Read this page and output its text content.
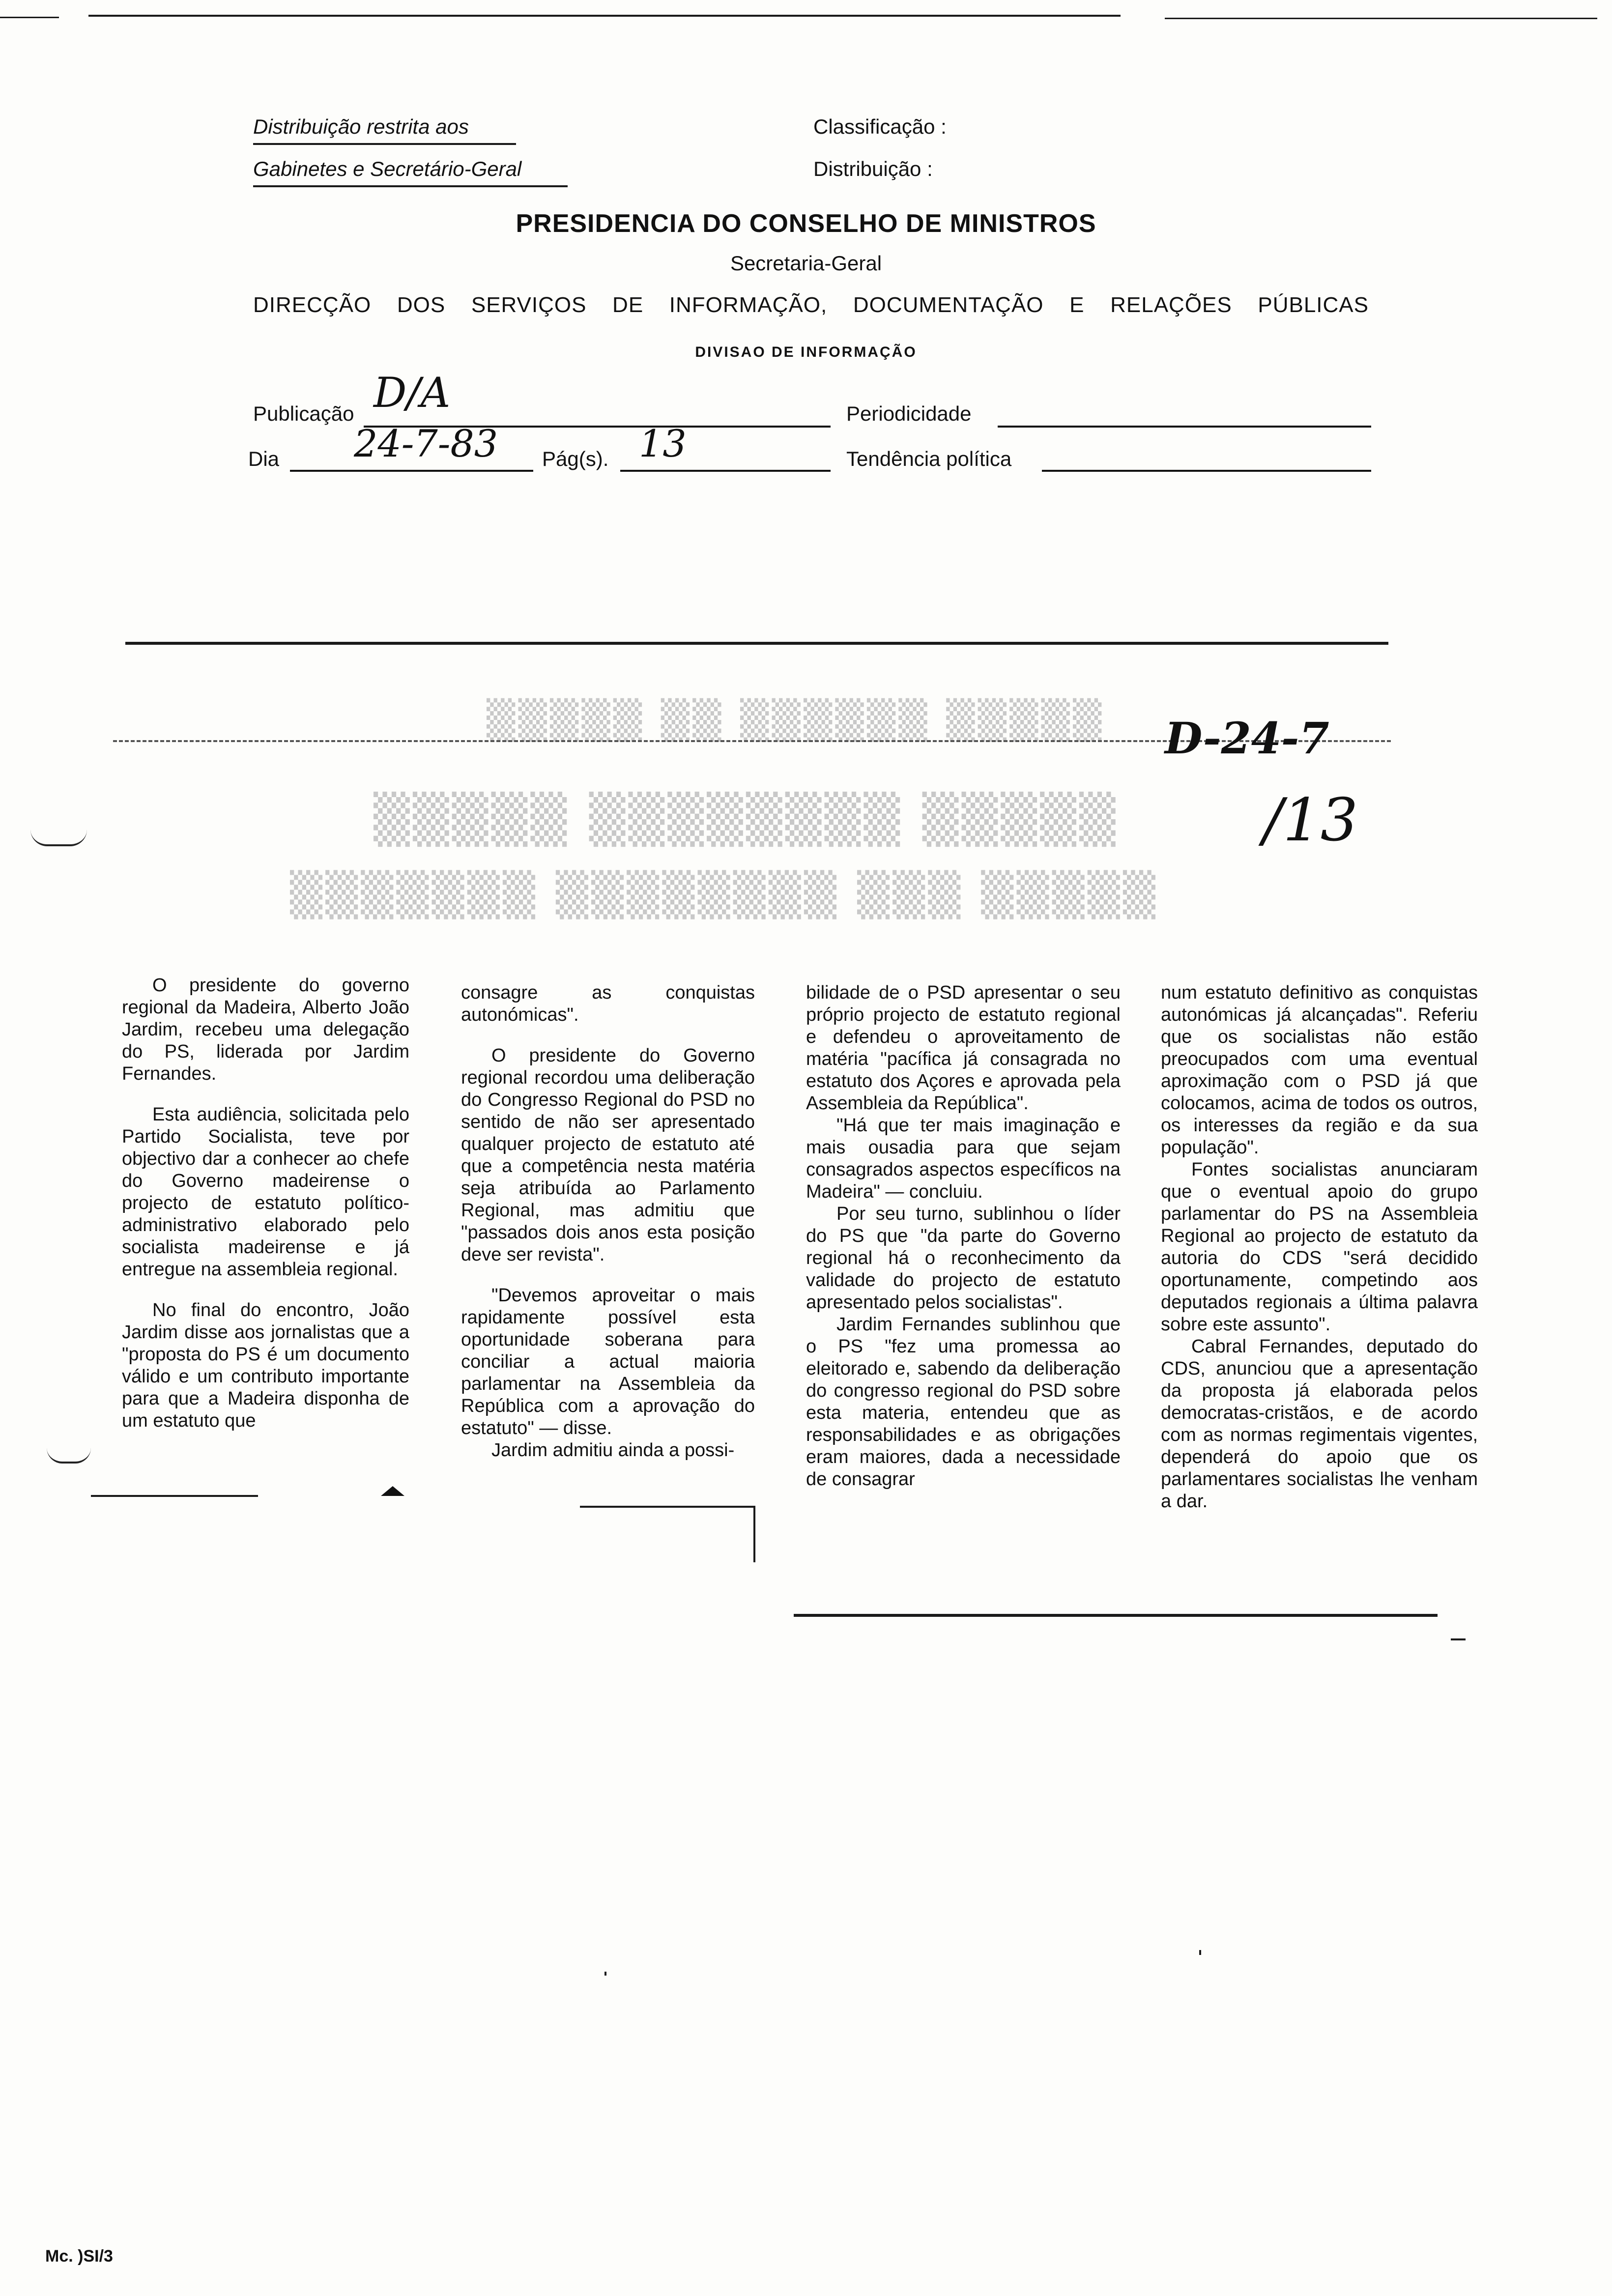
Distribuição restrita aos
Gabinetes e Secretário-Geral
Classificação :
Distribuição :
PRESIDENCIA DO CONSELHO DE MINISTROS
Secretaria-Geral
DIRECÇÃO DOS SERVIÇOS DE INFORMAÇÃO, DOCUMENTAÇÃO E RELAÇÕES PÚBLICAS
DIVISAO DE INFORMAÇÃO
Publicação D/A	Periodicidade
Dia 24-7-83 Pág(s). 13	Tendência política
▒▒▒▒▒ ▒▒ ▒▒▒▒▒▒ ▒▒▒▒▒
▒▒▒▒▒ ▒▒▒▒▒▒▒▒ ▒▒▒▒▒
▒▒▒▒▒▒▒ ▒▒▒▒▒▒▒▒ ▒▒▒ ▒▒▒▒▒
D-24-7
/13

O presidente do governo regional da Madeira, Alberto João Jardim, recebeu uma delegação do PS, liderada por Jardim Fernandes.

Esta audiência, solicitada pelo Partido Socialista, teve por objectivo dar a conhecer ao chefe do Governo madeirense o projecto de estatuto político-administrativo elaborado pelo socialista madeirense e já entregue na assembleia regional.

No final do encontro, João Jardim disse aos jornalistas que a "proposta do PS é um documento válido e um contributo importante para que a Madeira disponha de um estatuto que

consagre as conquistas autonómicas".

O presidente do Governo regional recordou uma deliberação do Congresso Regional do PSD no sentido de não ser apresentado qualquer projecto de estatuto até que a competência nesta matéria seja atribuída ao Parlamento Regional, mas admitiu que "passados dois anos esta posição deve ser revista".

"Devemos aproveitar o mais rapidamente possível esta oportunidade soberana para conciliar a actual maioria parlamentar na Assembleia da República com a aprovação do estatuto" — disse.

Jardim admitiu ainda a possi-

bilidade de o PSD apresentar o seu próprio projecto de estatuto regional e defendeu o aproveitamento de matéria "pacífica já consagrada no estatuto dos Açores e aprovada pela Assembleia da República".

"Há que ter mais imaginação e mais ousadia para que sejam consagrados aspectos específicos na Madeira" — concluiu.

Por seu turno, sublinhou o líder do PS que "da parte do Governo regional há o reconhecimento da validade do projecto de estatuto apresentado pelos socialistas".

Jardim Fernandes sublinhou que o PS "fez uma promessa ao eleitorado e, sabendo da deliberação do congresso regional do PSD sobre esta materia, entendeu que as responsabilidades e as obrigações eram maiores, dada a necessidade de consagrar

num estatuto definitivo as conquistas autonómicas já alcançadas". Referiu que os socialistas não estão preocupados com uma eventual aproximação com o PSD já que colocamos, acima de todos os outros, os interesses da região e da sua população".

Fontes socialistas anunciaram que o eventual apoio do grupo parlamentar do PS na Assembleia Regional ao projecto de estatuto da autoria do CDS "será decidido oportunamente, competindo aos deputados regionais a última palavra sobre este assunto".

Cabral Fernandes, deputado do CDS, anunciou que a apresentação da proposta já elaborada pelos democratas-cristãos, e de acordo com as normas regimentais vigentes, dependerá do apoio que os parlamentares socialistas lhe venham a dar.

Mc. )SI/3
